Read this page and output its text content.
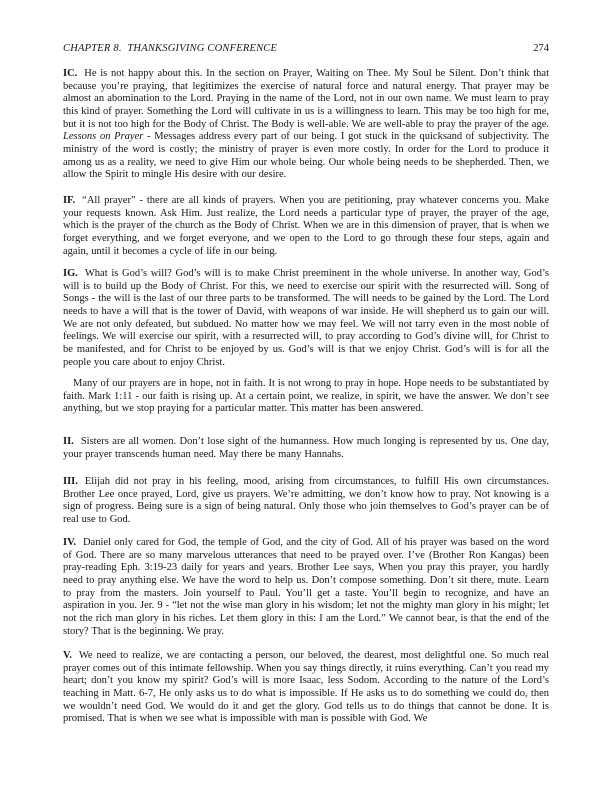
CHAPTER 8.  THANKSGIVING CONFERENCE	274

IC. He is not happy about this. In the section on Prayer, Waiting on Thee. My Soul be Silent. Don’t think that because you’re praying, that legitimizes the exercise of natural force and natural energy. That prayer may be almost an abomination to the Lord. Praying in the name of the Lord, not in our own name. We must learn to pray this kind of prayer. Something the Lord will cultivate in us is a willingness to learn. This may be too high for me, but it is not too high for the Body of Christ. The Body is well-able. We are well-able to pray the prayer of the age. Lessons on Prayer - Messages address every part of our being. I got stuck in the quicksand of subjectivity. The ministry of the word is costly; the ministry of prayer is even more costly. In order for the Lord to produce it among us as a reality, we need to give Him our whole being. Our whole being needs to be shepherded. Then, we allow the Spirit to mingle His desire with our desire.

IF. “All prayer” - there are all kinds of prayers. When you are petitioning, pray whatever concerns you. Make your requests known. Ask Him. Just realize, the Lord needs a particular type of prayer, the prayer of the age, which is the prayer of the church as the Body of Christ. When we are in this dimension of prayer, that is when we forget everything, and we forget everyone, and we open to the Lord to go through these four steps, again and again, until it becomes a cycle of life in our being.

IG. What is God’s will? God’s will is to make Christ preeminent in the whole universe. In another way, God’s will is to build up the Body of Christ. For this, we need to exercise our spirit with the resurrected will. Song of Songs - the will is the last of our three parts to be transformed. The will needs to be gained by the Lord. The Lord needs to have a will that is the tower of David, with weapons of war inside. He will shepherd us to gain our will. We are not only defeated, but subdued. No matter how we may feel. We will not tarry even in the most noble of feelings. We will exercise our spirit, with a resurrected will, to pray according to God’s divine will, for Christ to be manifested, and for Christ to be enjoyed by us. God’s will is that we enjoy Christ. God’s will is for all the people you care about to enjoy Christ.

Many of our prayers are in hope, not in faith. It is not wrong to pray in hope. Hope needs to be substantiated by faith. Mark 1:11 - our faith is rising up. At a certain point, we realize, in spirit, we have the answer. We don’t see anything, but we stop praying for a particular matter. This matter has been answered.

II. Sisters are all women. Don’t lose sight of the humanness. How much longing is represented by us. One day, your prayer transcends human need. May there be many Hannahs.

III. Elijah did not pray in his feeling, mood, arising from circumstances, to fulfill His own circumstances. Brother Lee once prayed, Lord, give us prayers. We’re admitting, we don’t know how to pray. Not knowing is a sign of progress. Being sure is a sign of being natural. Only those who join themselves to God’s prayer can be of real use to God.

IV. Daniel only cared for God, the temple of God, and the city of God. All of his prayer was based on the word of God. There are so many marvelous utterances that need to be prayed over. I’ve (Brother Ron Kangas) been pray-reading Eph. 3:19-23 daily for years and years. Brother Lee says, When you pray this prayer, you hardly need to pray anything else. We have the word to help us. Don’t compose something. Don’t sit there, mute. Learn to pray from the masters. Join yourself to Paul. You’ll get a taste. You’ll begin to recognize, and have an aspiration in you. Jer. 9 - “let not the wise man glory in his wisdom; let not the mighty man glory in his might; let not the rich man glory in his riches. Let them glory in this: I am the Lord.” We cannot bear, is that the end of the story? That is the beginning. We pray.

V. We need to realize, we are contacting a person, our beloved, the dearest, most delightful one. So much real prayer comes out of this intimate fellowship. When you say things directly, it ruins everything. Can’t you read my heart; don’t you know my spirit? God’s will is more Isaac, less Sodom. According to the nature of the Lord’s teaching in Matt. 6-7, He only asks us to do what is impossible. If He asks us to do something we could do, then we wouldn’t need God. We would do it and get the glory. God tells us to do things that cannot be done. It is promised. That is when we see what is impossible with man is possible with God. We
